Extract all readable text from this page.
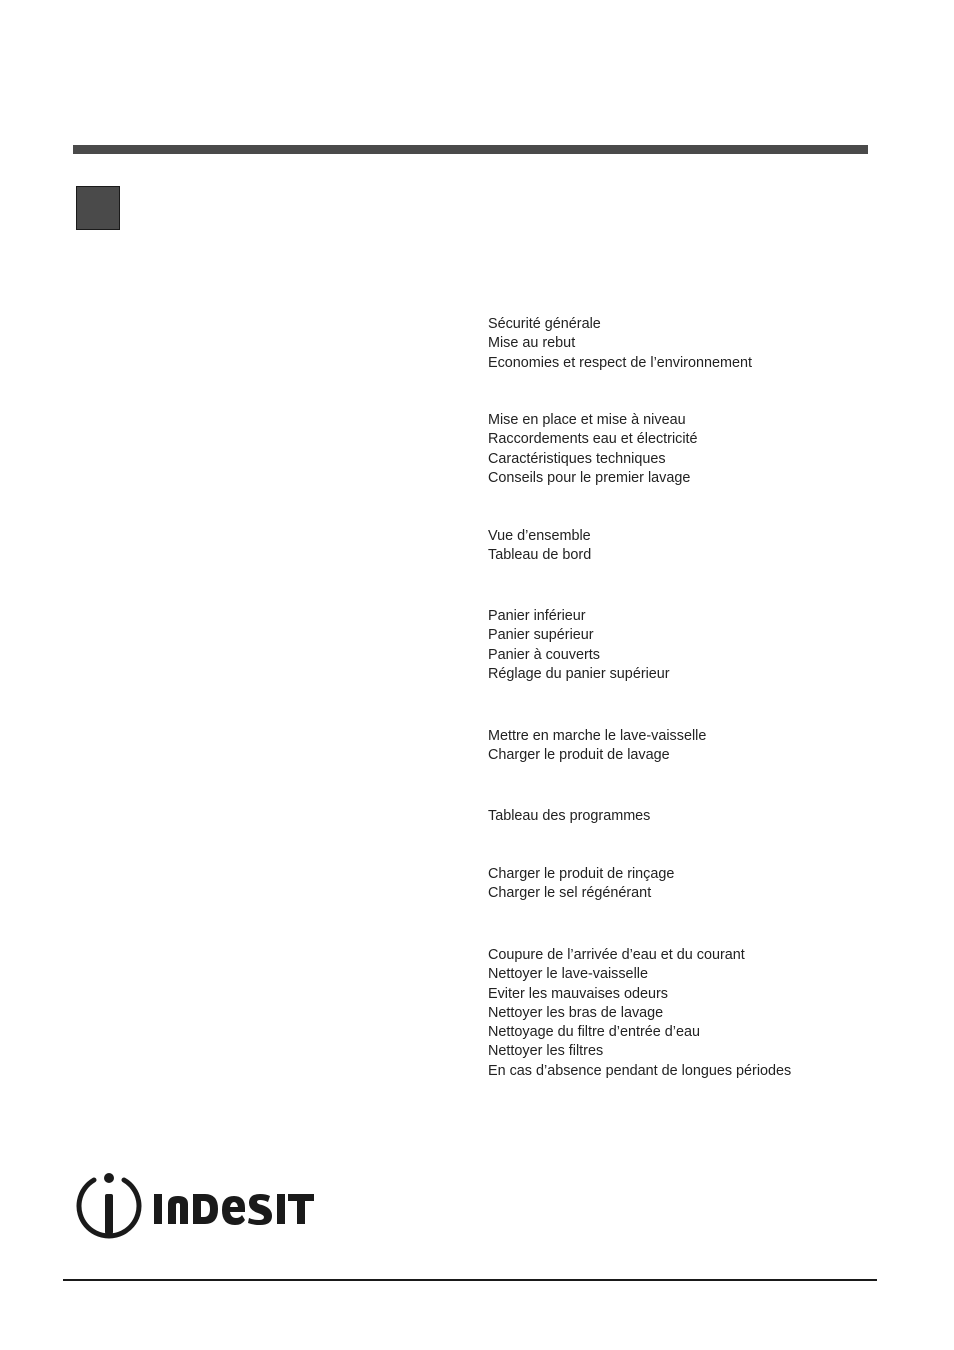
Sécurité générale
Mise au rebut
Economies et respect de l’environnement
Mise en place et mise à niveau
Raccordements eau et électricité
Caractéristiques techniques
Conseils pour le premier lavage
Vue d’ensemble
Tableau de bord
Panier inférieur
Panier supérieur
Panier à couverts
Réglage du panier supérieur
Mettre en marche le lave-vaisselle
Charger le produit de lavage
Tableau des programmes
Charger le produit de rinçage
Charger le sel régénérant
Coupure de l’arrivée d’eau et du courant
Nettoyer le lave-vaisselle
Eviter les mauvaises odeurs
Nettoyer les bras de lavage
Nettoyage du filtre d’entrée d’eau
Nettoyer les filtres
En cas d’absence pendant de longues périodes
